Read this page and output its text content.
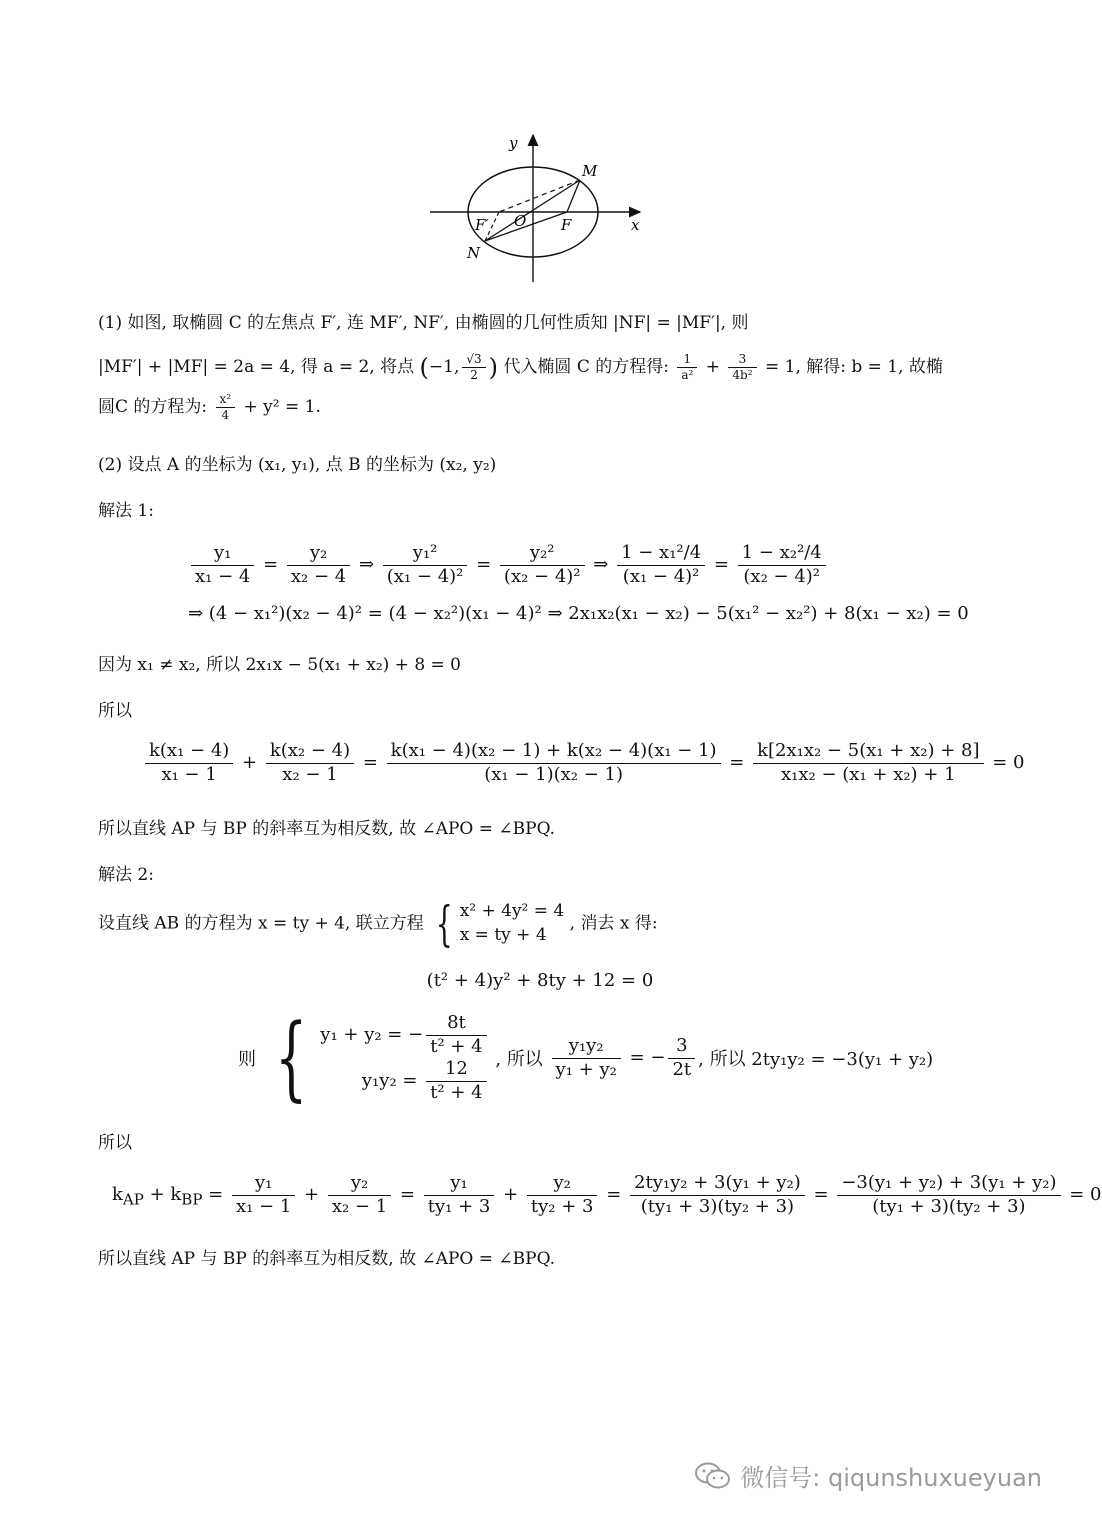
y
x
M
N
O F
F′
(1) 如图, 取椭圆 C 的左焦点 F′, 连 MF′, NF′, 由椭圆的几何性质知 |NF| = |MF′|, 则
|MF′| + |MF| = 2a = 4, 得 a = 2, 将点 (−1, $\frac{√3}{2}$ ) 代入椭圆 C 的方程得: $\frac{1}{\text{a²}} + \frac{3}{\text{4b²}} = 1$, 解得: b = 1, 故椭
圆C 的方程为: $\frac{\text{x²}}{4} + y^2 = 1$.
(2) 设点 A 的坐标为 (x₁, y₁), 点 B 的坐标为 (x₂, y₂)
解法 1:
$\frac{\text{y₁}}{\text{x₁ − 4}} = \frac{\text{y₂}}{\text{x₂ − 4}}$ ⇒ $\frac{\text{y₁²}}{\text{(x₁ − 4)²}} = \frac{\text{y₂²}}{\text{(x₂ − 4)²}}$ ⇒ $\frac{\text{1 − x₁²/4}}{\text{(x₁ − 4)²}} = \frac{\text{1 − x₂²/4}}{\text{(x₂ − 4)²}}$
⇒ (4 − x₁²)(x₂ − 4)² = (4 − x₂²)(x₁ − 4)² ⇒ 2x₁x₂(x₁ − x₂) − 5(x₁² − x₂²) + 8(x₁ − x₂) = 0
因为 x₁ ≠ x₂, 所以 2x₁x − 5(x₁ + x₂) + 8 = 0
所以
$\frac{\text{k(x₁ − 4)}}{\text{x₁ − 1}} + \frac{\text{k(x₂ − 4)}}{\text{x₂ − 1}} = \frac{\text{k(x₁ − 4)(x₂ − 1) + k(x₂ − 4)(x₁ − 1)}}{\text{(x₁ − 1)(x₂ − 1)}} = \frac{\text{k[2x₁x₂ − 5(x₁ + x₂) + 8]}}{\text{x₁x₂ − (x₁ + x₂) + 1}} = 0$
所以直线 AP 与 BP 的斜率互为相反数, 故 ∠APO = ∠BPQ.
解法 2:
设直线 AB 的方程为 x = ty + 4, 联立方程 { x² + 4y² = 4
x = ty + 4
, 消去 x 得:
(t² + 4)y² + 8ty + 12 = 0
则 { y₁ + y₂ = − $\frac{8t}{\text{t² + 4}}$
$y_1y_2 = \frac{12}{\text{t² + 4}}$ , 所以 $\frac{\text{y₁y₂}}{\text{y₁ + y₂}}$ = − $\frac{3}{2t}$ , 所以 2ty₁y₂ = −3(y₁ + y₂)
所以
$k_{AP} + k_{BP} = \frac{\text{y₁}}{\text{x₁ − 1}} + \frac{\text{y₂}}{\text{x₂ − 1}} = \frac{\text{y₁}}{\text{ty₁ + 3}} + \frac{\text{y₂}}{\text{ty₂ + 3}} = \frac{\text{2ty₁y₂ + 3(y₁ + y₂)}}{\text{(ty₁ + 3)(ty₂ + 3)}} = \frac{\text{−3(y₁ + y₂) + 3(y₁ + y₂)}}{\text{(ty₁ + 3)(ty₂ + 3)}} = 0$
所以直线 AP 与 BP 的斜率互为相反数, 故 ∠APO = ∠BPQ.
微信号: qiqunshuxueyuan
